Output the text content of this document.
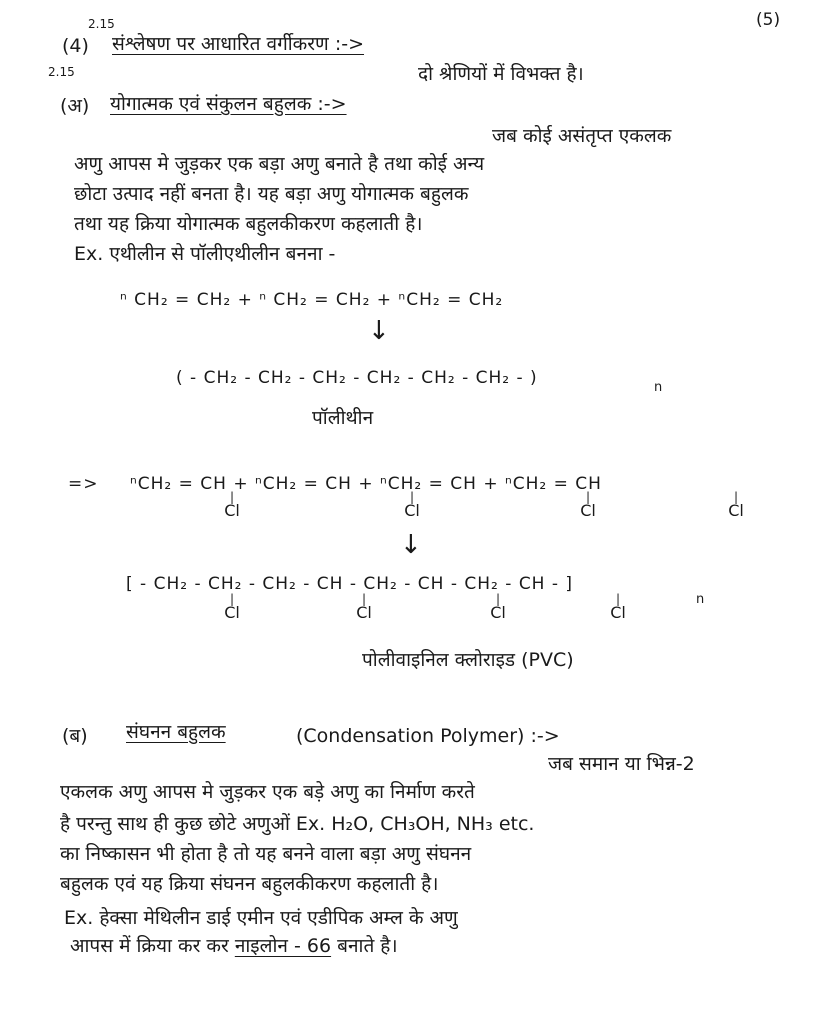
(5)
2.15
2.15
(4) संश्लेषण पर आधारित वर्गीकरण :->
दो श्रेणियों में विभक्त है।
(अ) योगात्मक एवं संकुलन बहुलक :->
जब कोई असंतृप्त एकलक
अणु आपस मे जुड़कर एक बड़ा अणु बनाते है तथा कोई अन्य
छोटा उत्पाद नहीं बनता है। यह बड़ा अणु योगात्मक बहुलक
तथा यह क्रिया योगात्मक बहुलकीकरण कहलाती है।
Ex. एथीलीन से पॉलीएथीलीन बनना -
ⁿ CH₂ = CH₂ + ⁿ CH₂ = CH₂ + ⁿCH₂ = CH₂
↓
( - CH₂ - CH₂ - CH₂ - CH₂ - CH₂ - CH₂ - )	n
पॉलीथीन
=> ⁿCH₂ = CH + ⁿCH₂ = CH + ⁿCH₂ = CH + ⁿCH₂ = CH
|
Cl
|
Cl
|
Cl
|
Cl
↓
[ - CH₂ - CH₂ - CH₂ - CH - CH₂ - CH - CH₂ - CH - ]
n
|
Cl
|
Cl
|
Cl
|
Cl
पोलीवाइनिल क्लोराइड (PVC)
(ब) संघनन बहुलक	(Condensation Polymer) :->
जब समान या भिन्न-2
एकलक अणु आपस मे जुड़कर एक बड़े अणु का निर्माण करते
है परन्तु साथ ही कुछ छोटे अणुओं Ex. H₂O, CH₃OH, NH₃ etc.
का निष्कासन भी होता है तो यह बनने वाला बड़ा अणु संघनन
बहुलक एवं यह क्रिया संघनन बहुलकीकरण कहलाती है।
Ex. हेक्सा मेथिलीन डाई एमीन एवं एडीपिक अम्ल के अणु
आपस में क्रिया कर कर नाइलोन - 66 बनाते है।
